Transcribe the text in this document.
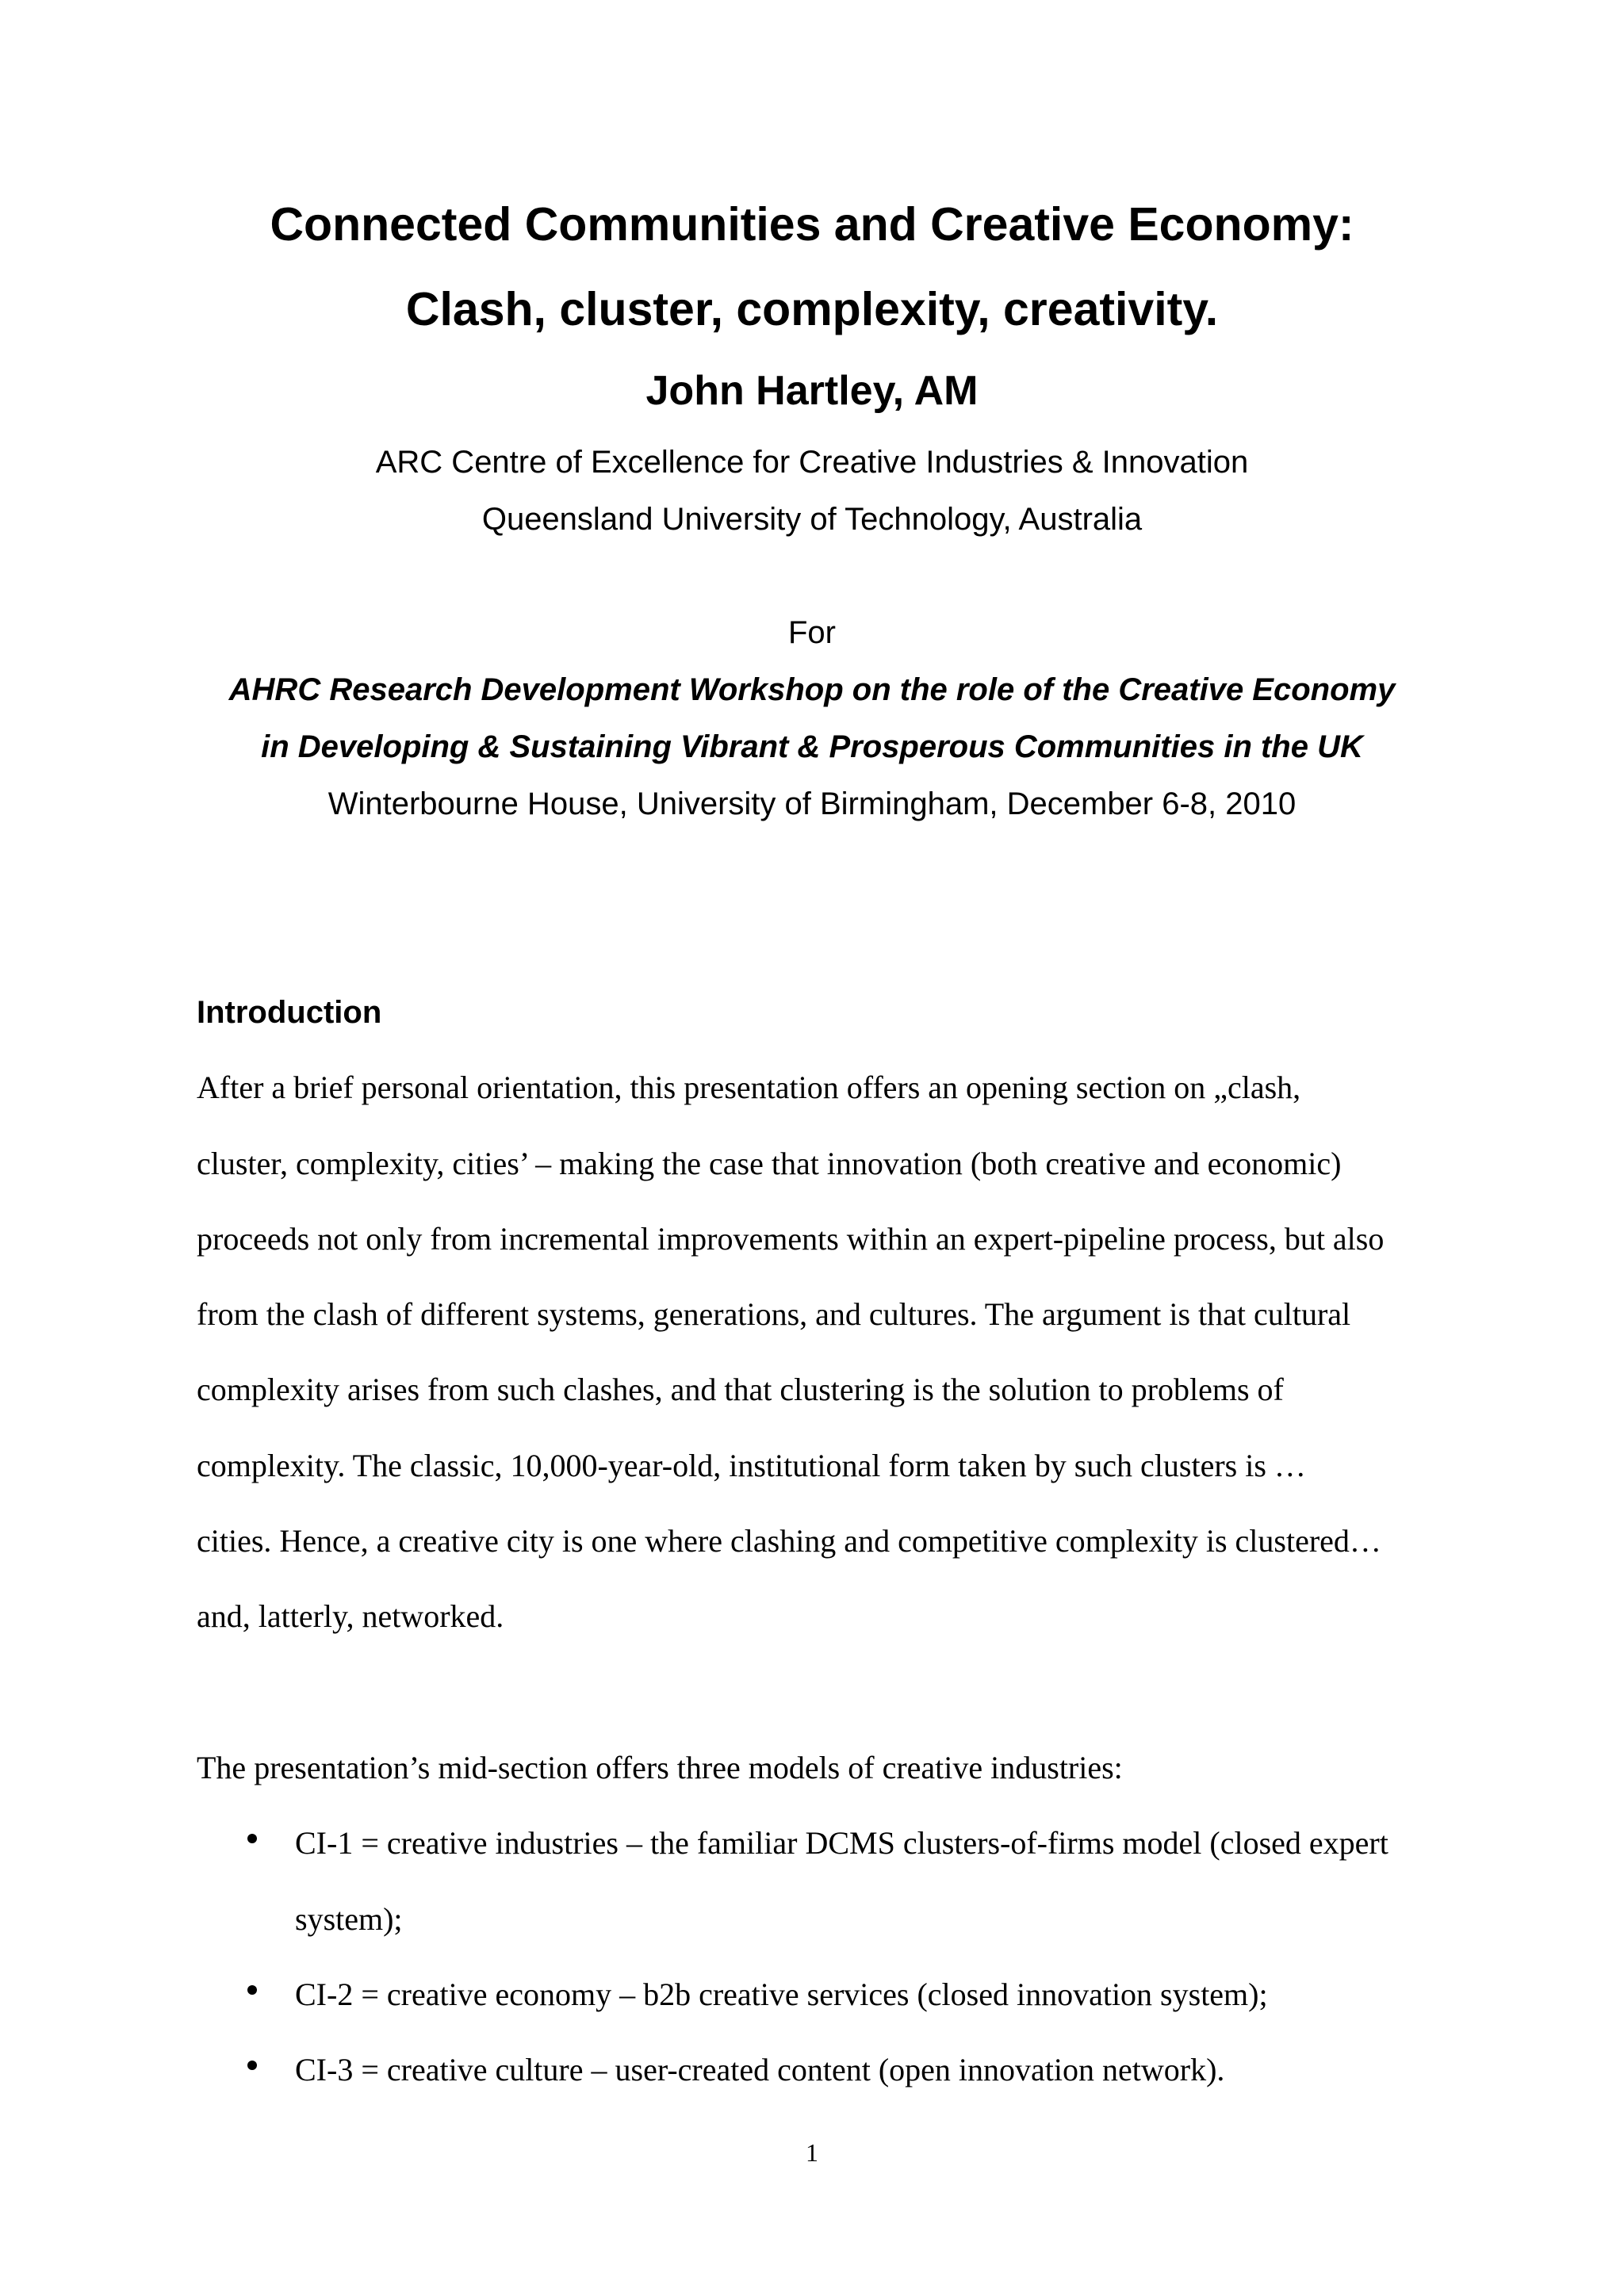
Connected Communities and Creative Economy:
Clash, cluster, complexity, creativity.
John Hartley, AM
ARC Centre of Excellence for Creative Industries & Innovation
Queensland University of Technology, Australia
For
AHRC Research Development Workshop on the role of the Creative Economy
in Developing & Sustaining Vibrant & Prosperous Communities in the UK
Winterbourne House, University of Birmingham, December 6-8, 2010
Introduction
After a brief personal orientation, this presentation offers an opening section on „clash,
cluster, complexity, cities’ – making the case that innovation (both creative and economic)
proceeds not only from incremental improvements within an expert-pipeline process, but also
from the clash of different systems, generations, and cultures. The argument is that cultural
complexity arises from such clashes, and that clustering is the solution to problems of
complexity. The classic, 10,000-year-old, institutional form taken by such clusters is …
cities. Hence, a creative city is one where clashing and competitive complexity is clustered…
and, latterly, networked.
The presentation’s mid-section offers three models of creative industries:
CI-1 = creative industries – the familiar DCMS clusters-of-firms model (closed expert
system);
CI-2 = creative economy – b2b creative services (closed innovation system);
CI-3 = creative culture – user-created content (open innovation network).
1
